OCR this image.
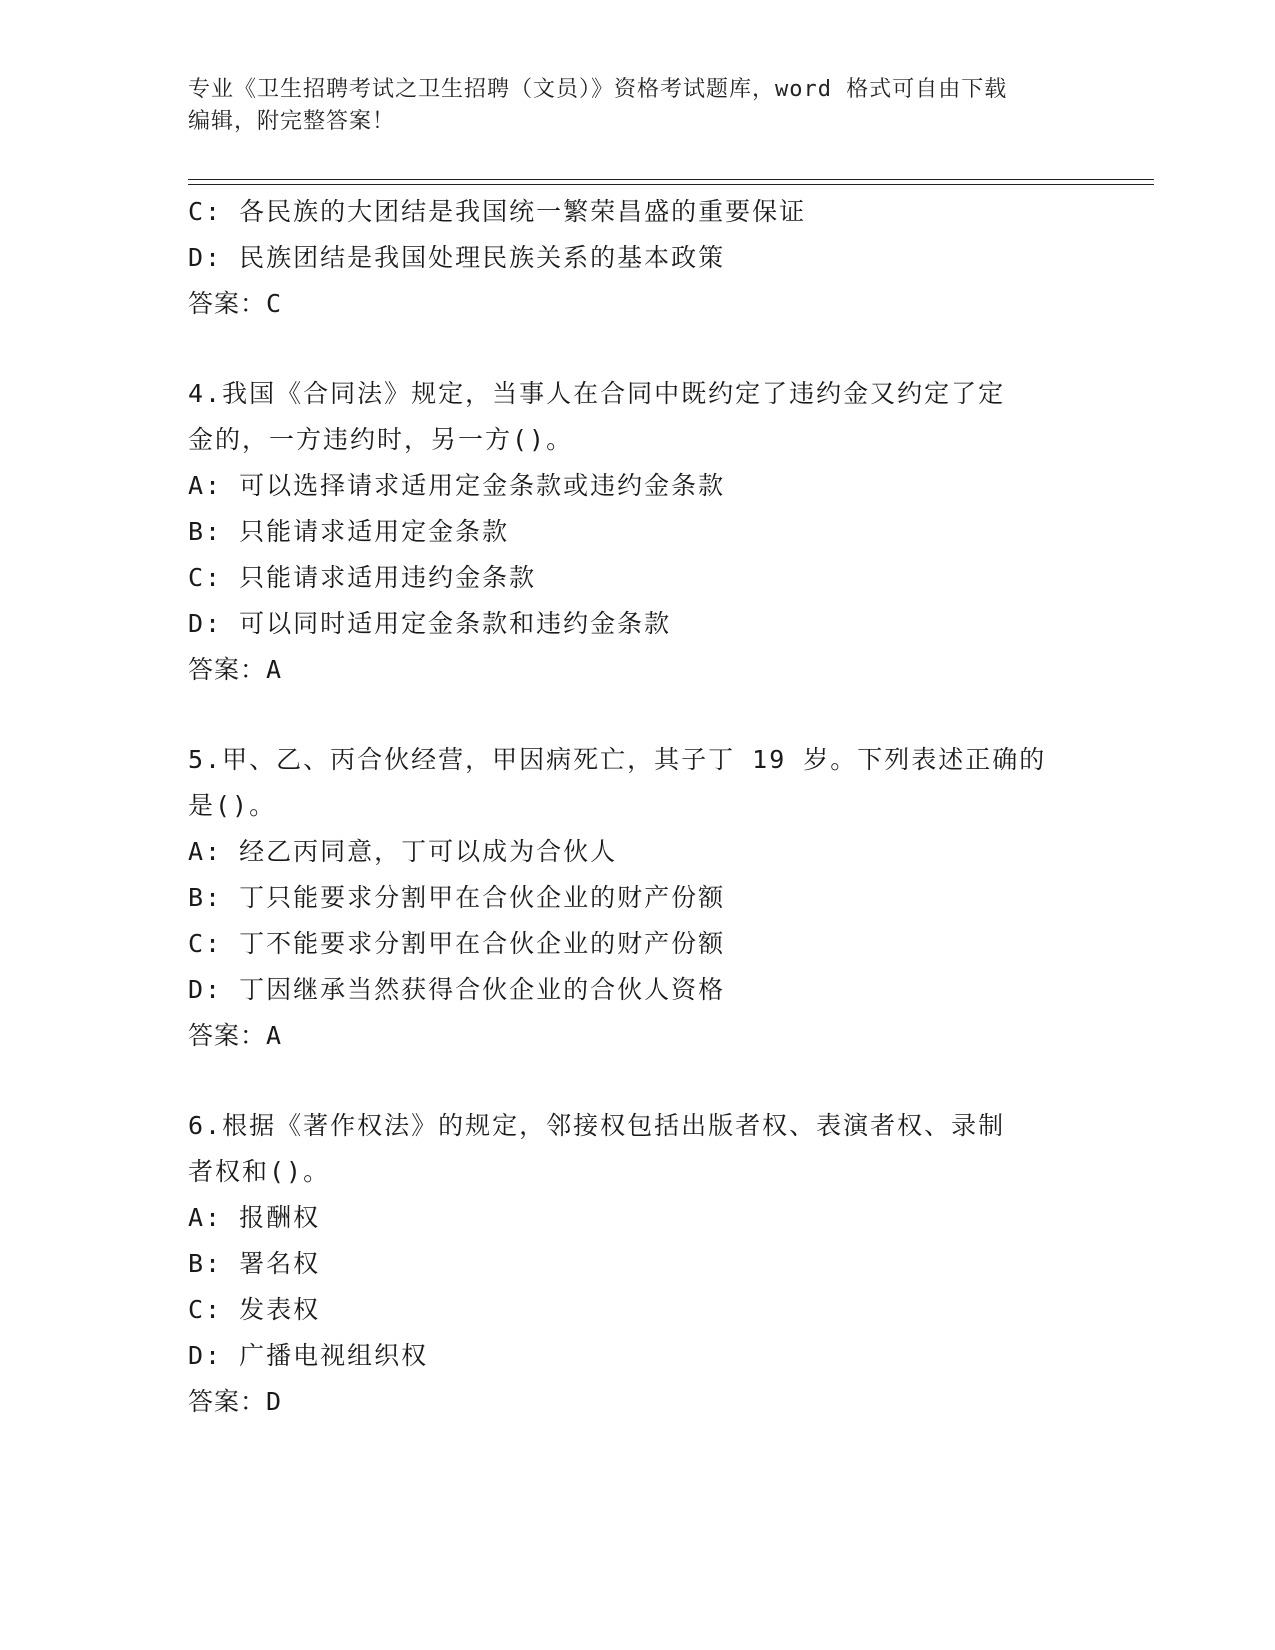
专业《卫生招聘考试之卫生招聘（文员）》资格考试题库，word 格式可自由下载
编辑，附完整答案！
C: 各民族的大团结是我国统一繁荣昌盛的重要保证
D: 民族团结是我国处理民族关系的基本政策
答案：C
4.我国《合同法》规定，当事人在合同中既约定了违约金又约定了定
金的，一方违约时，另一方()。
A: 可以选择请求适用定金条款或违约金条款
B: 只能请求适用定金条款
C: 只能请求适用违约金条款
D: 可以同时适用定金条款和违约金条款
答案：A
5.甲、乙、丙合伙经营，甲因病死亡，其子丁 19 岁。下列表述正确的
是()。
A: 经乙丙同意，丁可以成为合伙人
B: 丁只能要求分割甲在合伙企业的财产份额
C: 丁不能要求分割甲在合伙企业的财产份额
D: 丁因继承当然获得合伙企业的合伙人资格
答案：A
6.根据《著作权法》的规定，邻接权包括出版者权、表演者权、录制
者权和()。
A: 报酬权
B: 署名权
C: 发表权
D: 广播电视组织权
答案：D
